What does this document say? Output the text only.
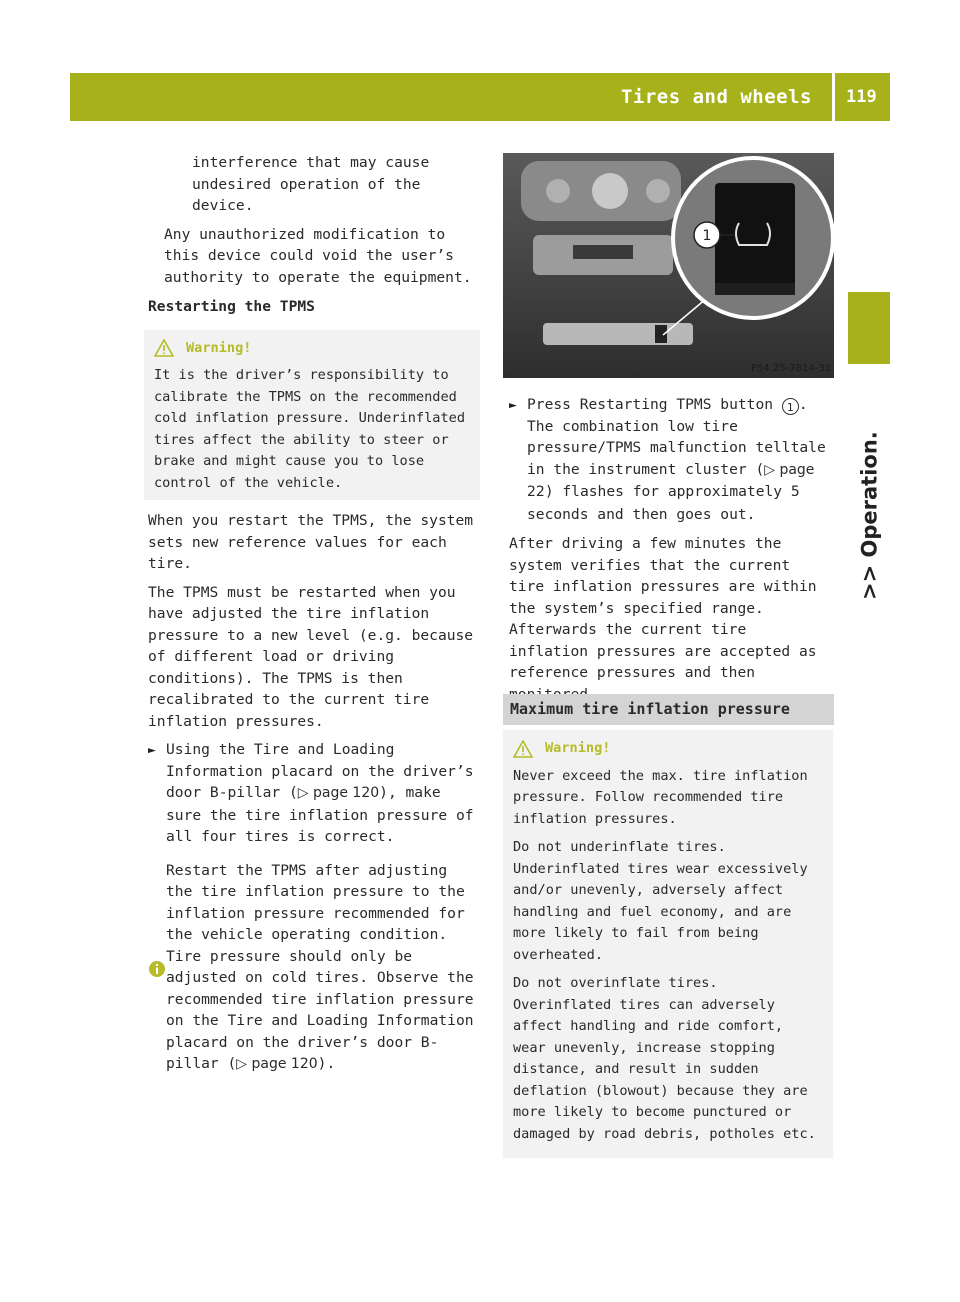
Tires and wheels 119
>> Operation.

interference that may cause undesired operation of the device.

Any unauthorized modification to this device could void the user’s authority to operate the equipment.

Restarting the TPMS

Warning!
It is the driver’s responsibility to calibrate the TPMS on the recommended cold inflation pressure. Underinflated tires affect the ability to steer or brake and might cause you to lose control of the vehicle.

When you restart the TPMS, the system sets new reference values for each tire.

The TPMS must be restarted when you have adjusted the tire inflation pressure to a new level (e.g. because of different load or driving conditions). The TPMS is then recalibrated to the current tire inflation pressures.

► Using the Tire and Loading Information placard on the driver’s door B-pillar (▷ page 120), make sure the tire inflation pressure of all four tires is correct.
Restart the TPMS after adjusting the tire inflation pressure to the inflation pressure recommended for the vehicle operating condition. Tire pressure should only be adjusted on cold tires. Observe the recommended tire inflation pressure on the Tire and Loading Information placard on the driver’s door B-pillar (▷ page 120).
1
P54.25-7814-31
► Press Restarting TPMS button 1 .
The combination low tire pressure/TPMS malfunction telltale in the instrument cluster (▷ page 22) flashes for approximately 5 seconds and then goes out.

After driving a few minutes the system verifies that the current tire inflation pressures are within the system’s specified range. Afterwards the current tire inflation pressures are accepted as reference pressures and then

Maximum tire inflation pressure
Warning!

Never exceed the max. tire inflation pressure. Follow recommended tire inflation pressures.

Do not underinflate tires. Underinflated tires wear excessively and/or unevenly, adversely affect handling and fuel economy, and are more likely to fail from being overheated.

Do not overinflate tires. Overinflated tires can adversely affect handling and ride comfort, wear unevenly, increase stopping distance, and result in sudden deflation (blowout) because they are more likely to become punctured or damaged by road debris, potholes etc.
